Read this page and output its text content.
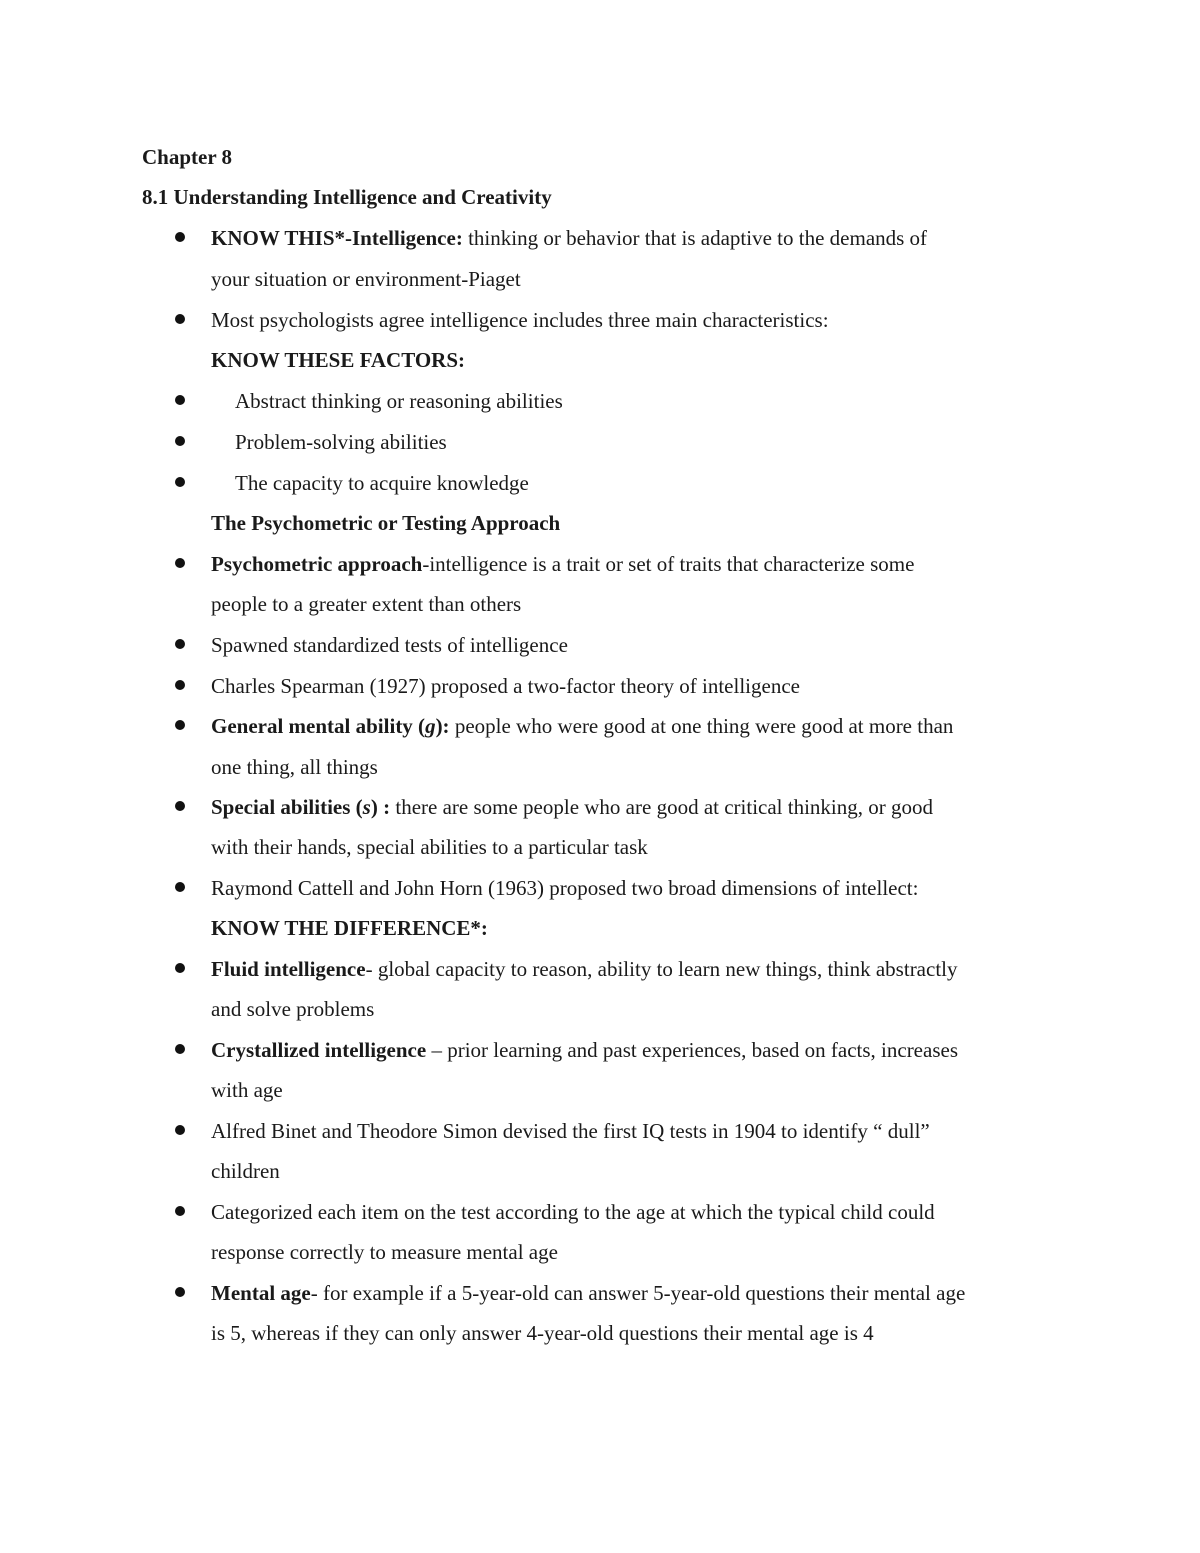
Chapter 8
8.1 Understanding Intelligence and Creativity
KNOW THIS*-Intelligence: thinking or behavior that is adaptive to the demands of
your situation or environment-Piaget
Most psychologists agree intelligence includes three main characteristics:
KNOW THESE FACTORS:
Abstract thinking or reasoning abilities
Problem-solving abilities
The capacity to acquire knowledge
The Psychometric or Testing Approach
Psychometric approach-intelligence is a trait or set of traits that characterize some
people to a greater extent than others
Spawned standardized tests of intelligence
Charles Spearman (1927) proposed a two-factor theory of intelligence
General mental ability (g): people who were good at one thing were good at more than
one thing, all things
Special abilities (s) : there are some people who are good at critical thinking, or good
with their hands, special abilities to a particular task
Raymond Cattell and John Horn (1963) proposed two broad dimensions of intellect:
KNOW THE DIFFERENCE*:
Fluid intelligence- global capacity to reason, ability to learn new things, think abstractly
and solve problems
Crystallized intelligence – prior learning and past experiences, based on facts, increases
with age
Alfred Binet and Theodore Simon devised the first IQ tests in 1904 to identify “ dull”
children
Categorized each item on the test according to the age at which the typical child could
response correctly to measure mental age
Mental age- for example if a 5-year-old can answer 5-year-old questions their mental age
is 5, whereas if they can only answer 4-year-old questions their mental age is 4
